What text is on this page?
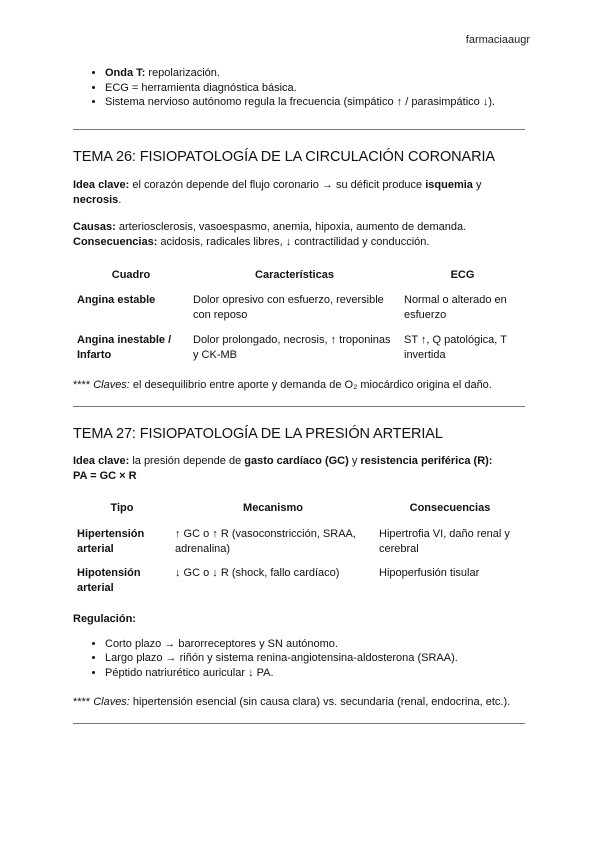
farmaciaaugr
• Onda T: repolarización.
• ECG = herramienta diagnóstica básica.
• Sistema nervioso autónomo regula la frecuencia (simpático ↑ / parasimpático ↓).
TEMA 26: FISIOPATOLOGÍA DE LA CIRCULACIÓN CORONARIA

Idea clave: el corazón depende del flujo coronario → su déficit produce isquemia y necrosis.

Causas: arteriosclerosis, vasoespasmo, anemia, hipoxia, aumento de demanda.

Consecuencias: acidosis, radicales libres, ↓ contractilidad y conducción.

Cuadro	Características	ECG
Angina estable	Dolor opresivo con esfuerzo, reversible con reposo	Normal o alterado en esfuerzo
Angina inestable / Infarto	Dolor prolongado, necrosis, ↑ troponinas y CK-MB	ST ↑, Q patológica, T invertida

**** Claves: el desequilibrio entre aporte y demanda de O₂ miocárdico origina el daño.

TEMA 27: FISIOPATOLOGÍA DE LA PRESIÓN ARTERIAL

Idea clave: la presión depende de gasto cardíaco (GC) y resistencia periférica (R):

PA = GC × R

Tipo	Mecanismo	Consecuencias
Hipertensión arterial	↑ GC o ↑ R (vasoconstricción, SRAA, adrenalina)	Hipertrofia VI, daño renal y cerebral
Hipotensión arterial	↓ GC o ↓ R (shock, fallo cardíaco)	Hipoperfusión tisular

Regulación:

• Corto plazo → barorreceptores y SN autónomo.
• Largo plazo → riñón y sistema renina-angiotensina-aldosterona (SRAA).
• Péptido natriurético auricular ↓ PA.

**** Claves: hipertensión esencial (sin causa clara) vs. secundaria (renal, endocrina, etc.).
